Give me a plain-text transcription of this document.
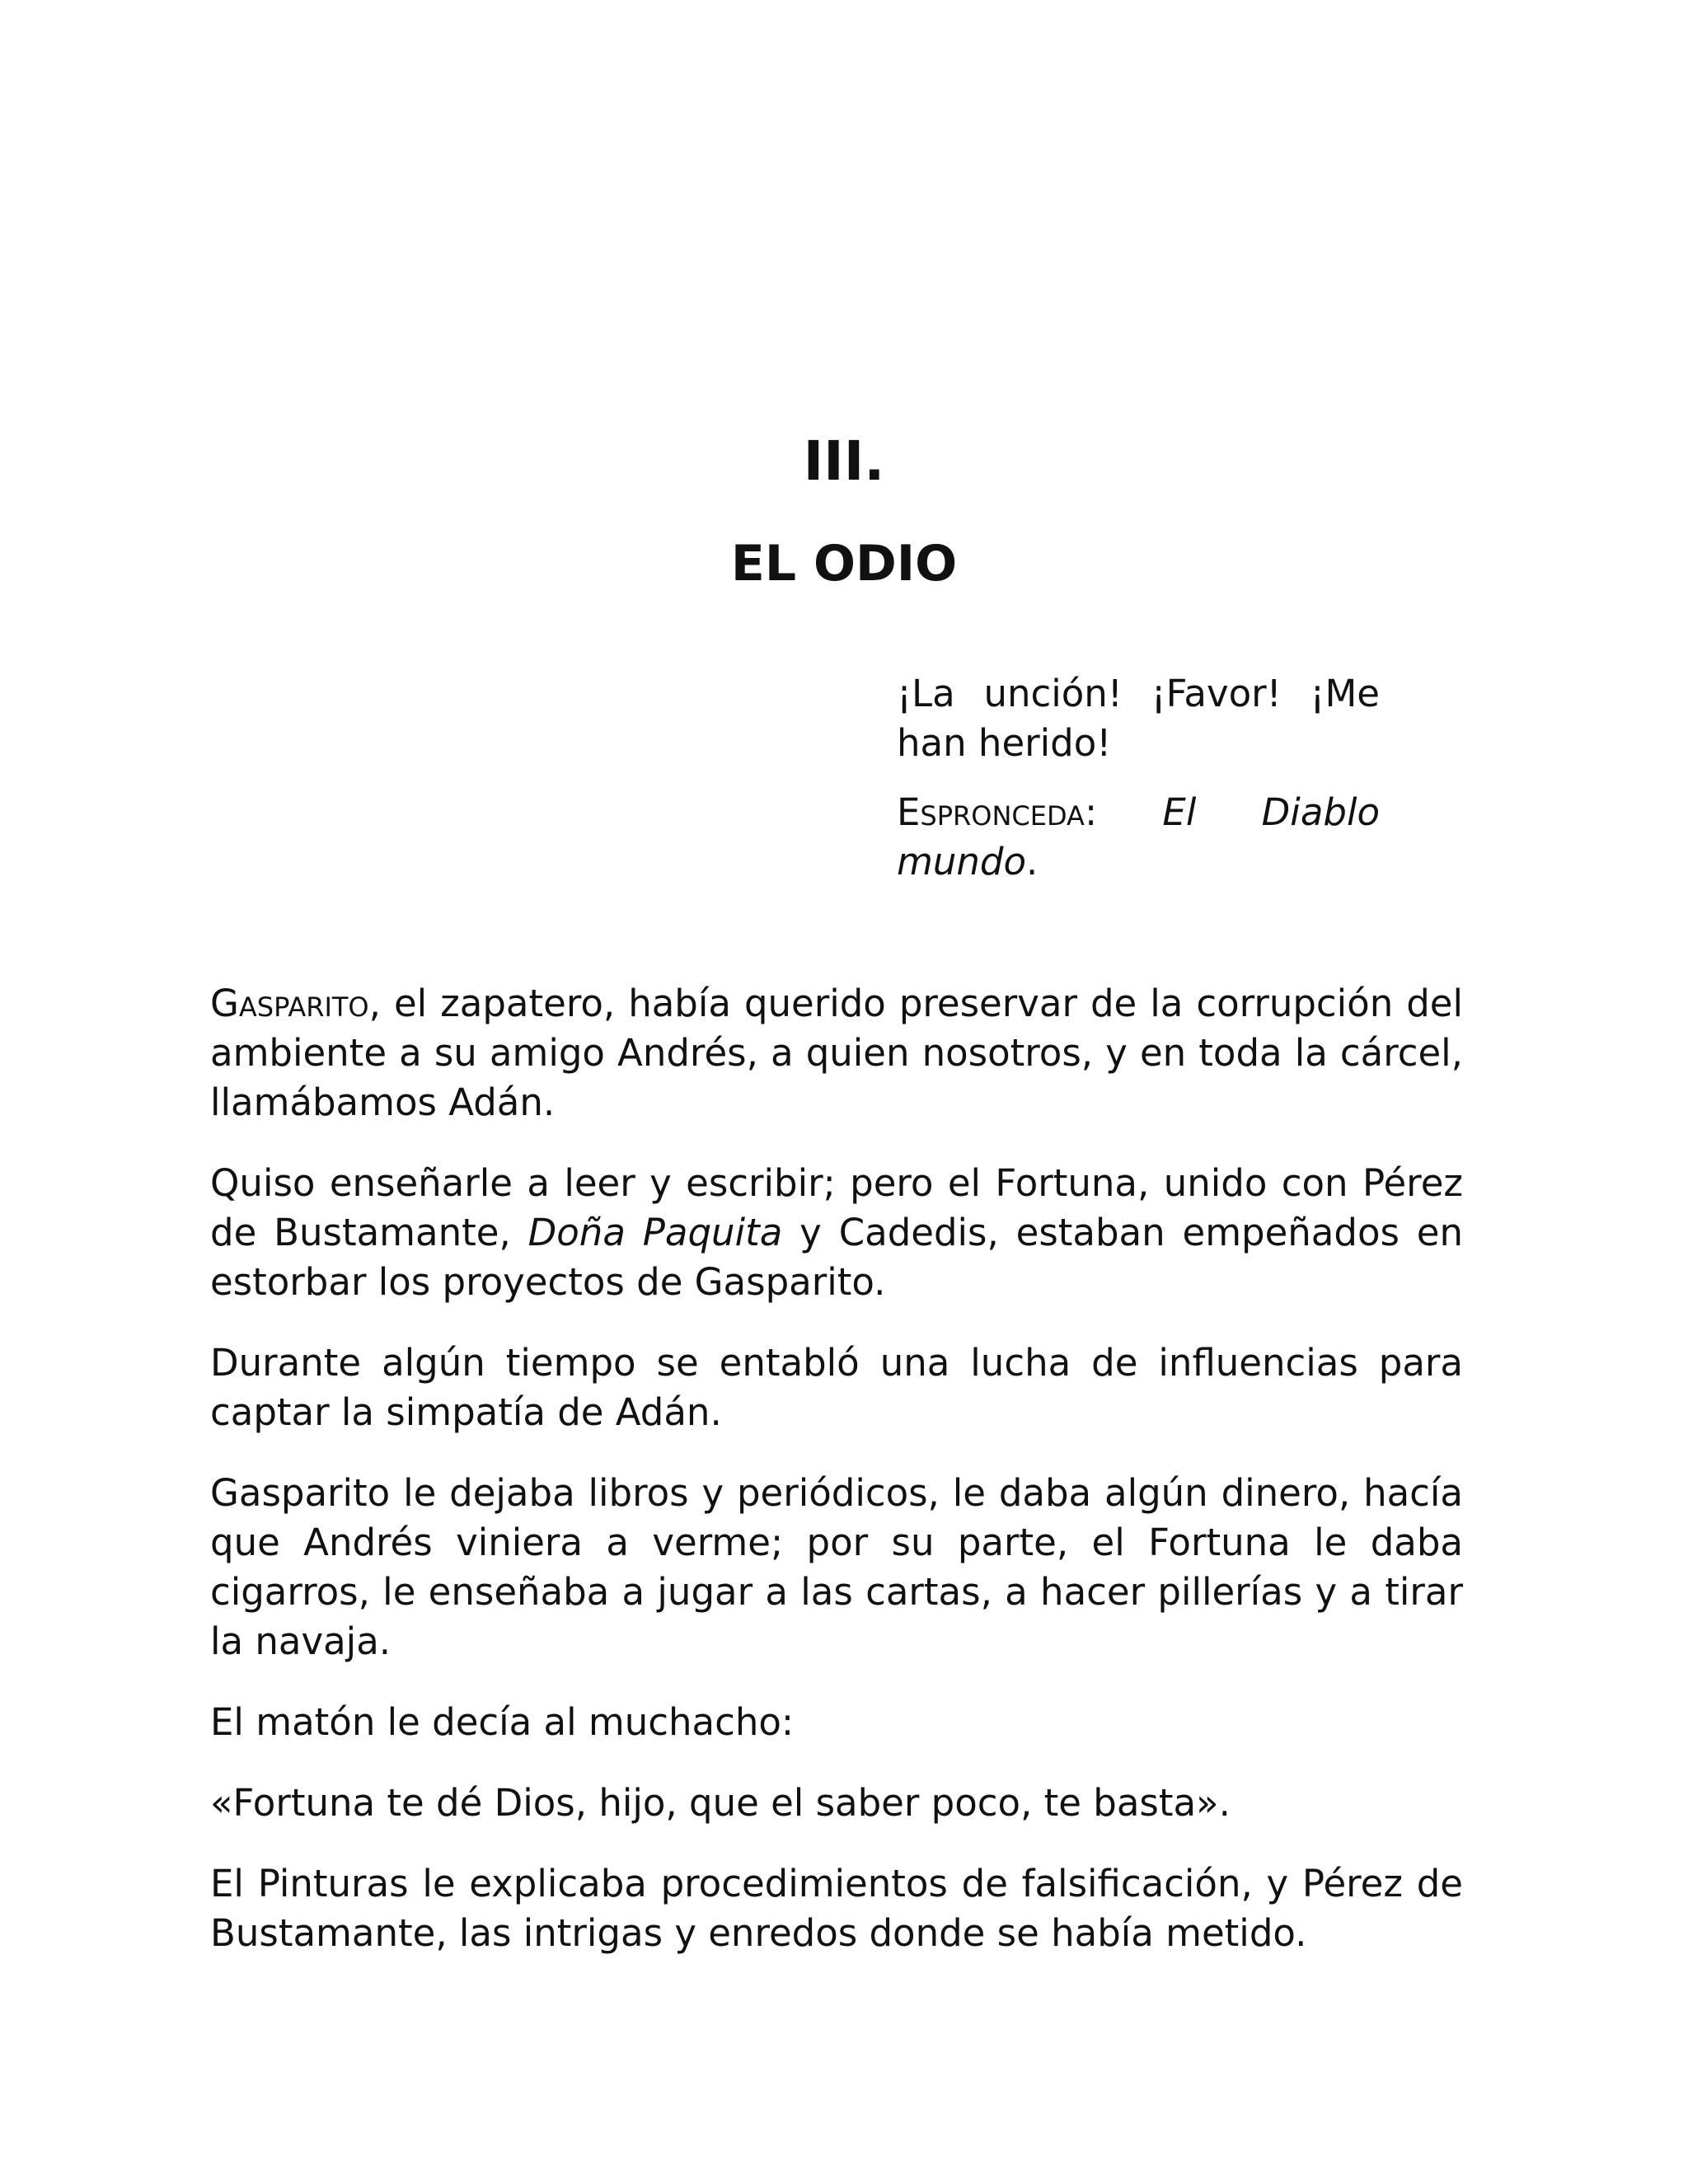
III.
EL ODIO

¡La unción! ¡Favor! ¡Me han herido!

Espronceda: El Diablo mundo.

Gasparito, el zapatero, había querido preservar de la corrupción del ambiente a su amigo Andrés, a quien nosotros, y en toda la cárcel, llamábamos Adán.

Quiso enseñarle a leer y escribir; pero el Fortuna, unido con Pérez de Bustamante, Doña Paquita y Cadedis, estaban empeñados en estorbar los proyectos de Gasparito.

Durante algún tiempo se entabló una lucha de influencias para captar la simpatía de Adán.

Gasparito le dejaba libros y periódicos, le daba algún dinero, hacía que Andrés viniera a verme; por su parte, el Fortuna le daba cigarros, le enseñaba a jugar a las cartas, a hacer pillerías y a tirar la navaja.

El matón le decía al muchacho:

«Fortuna te dé Dios, hijo, que el saber poco, te basta».

El Pinturas le explicaba procedimientos de falsificación, y Pérez de Bustamante, las intrigas y enredos donde se había metido.
